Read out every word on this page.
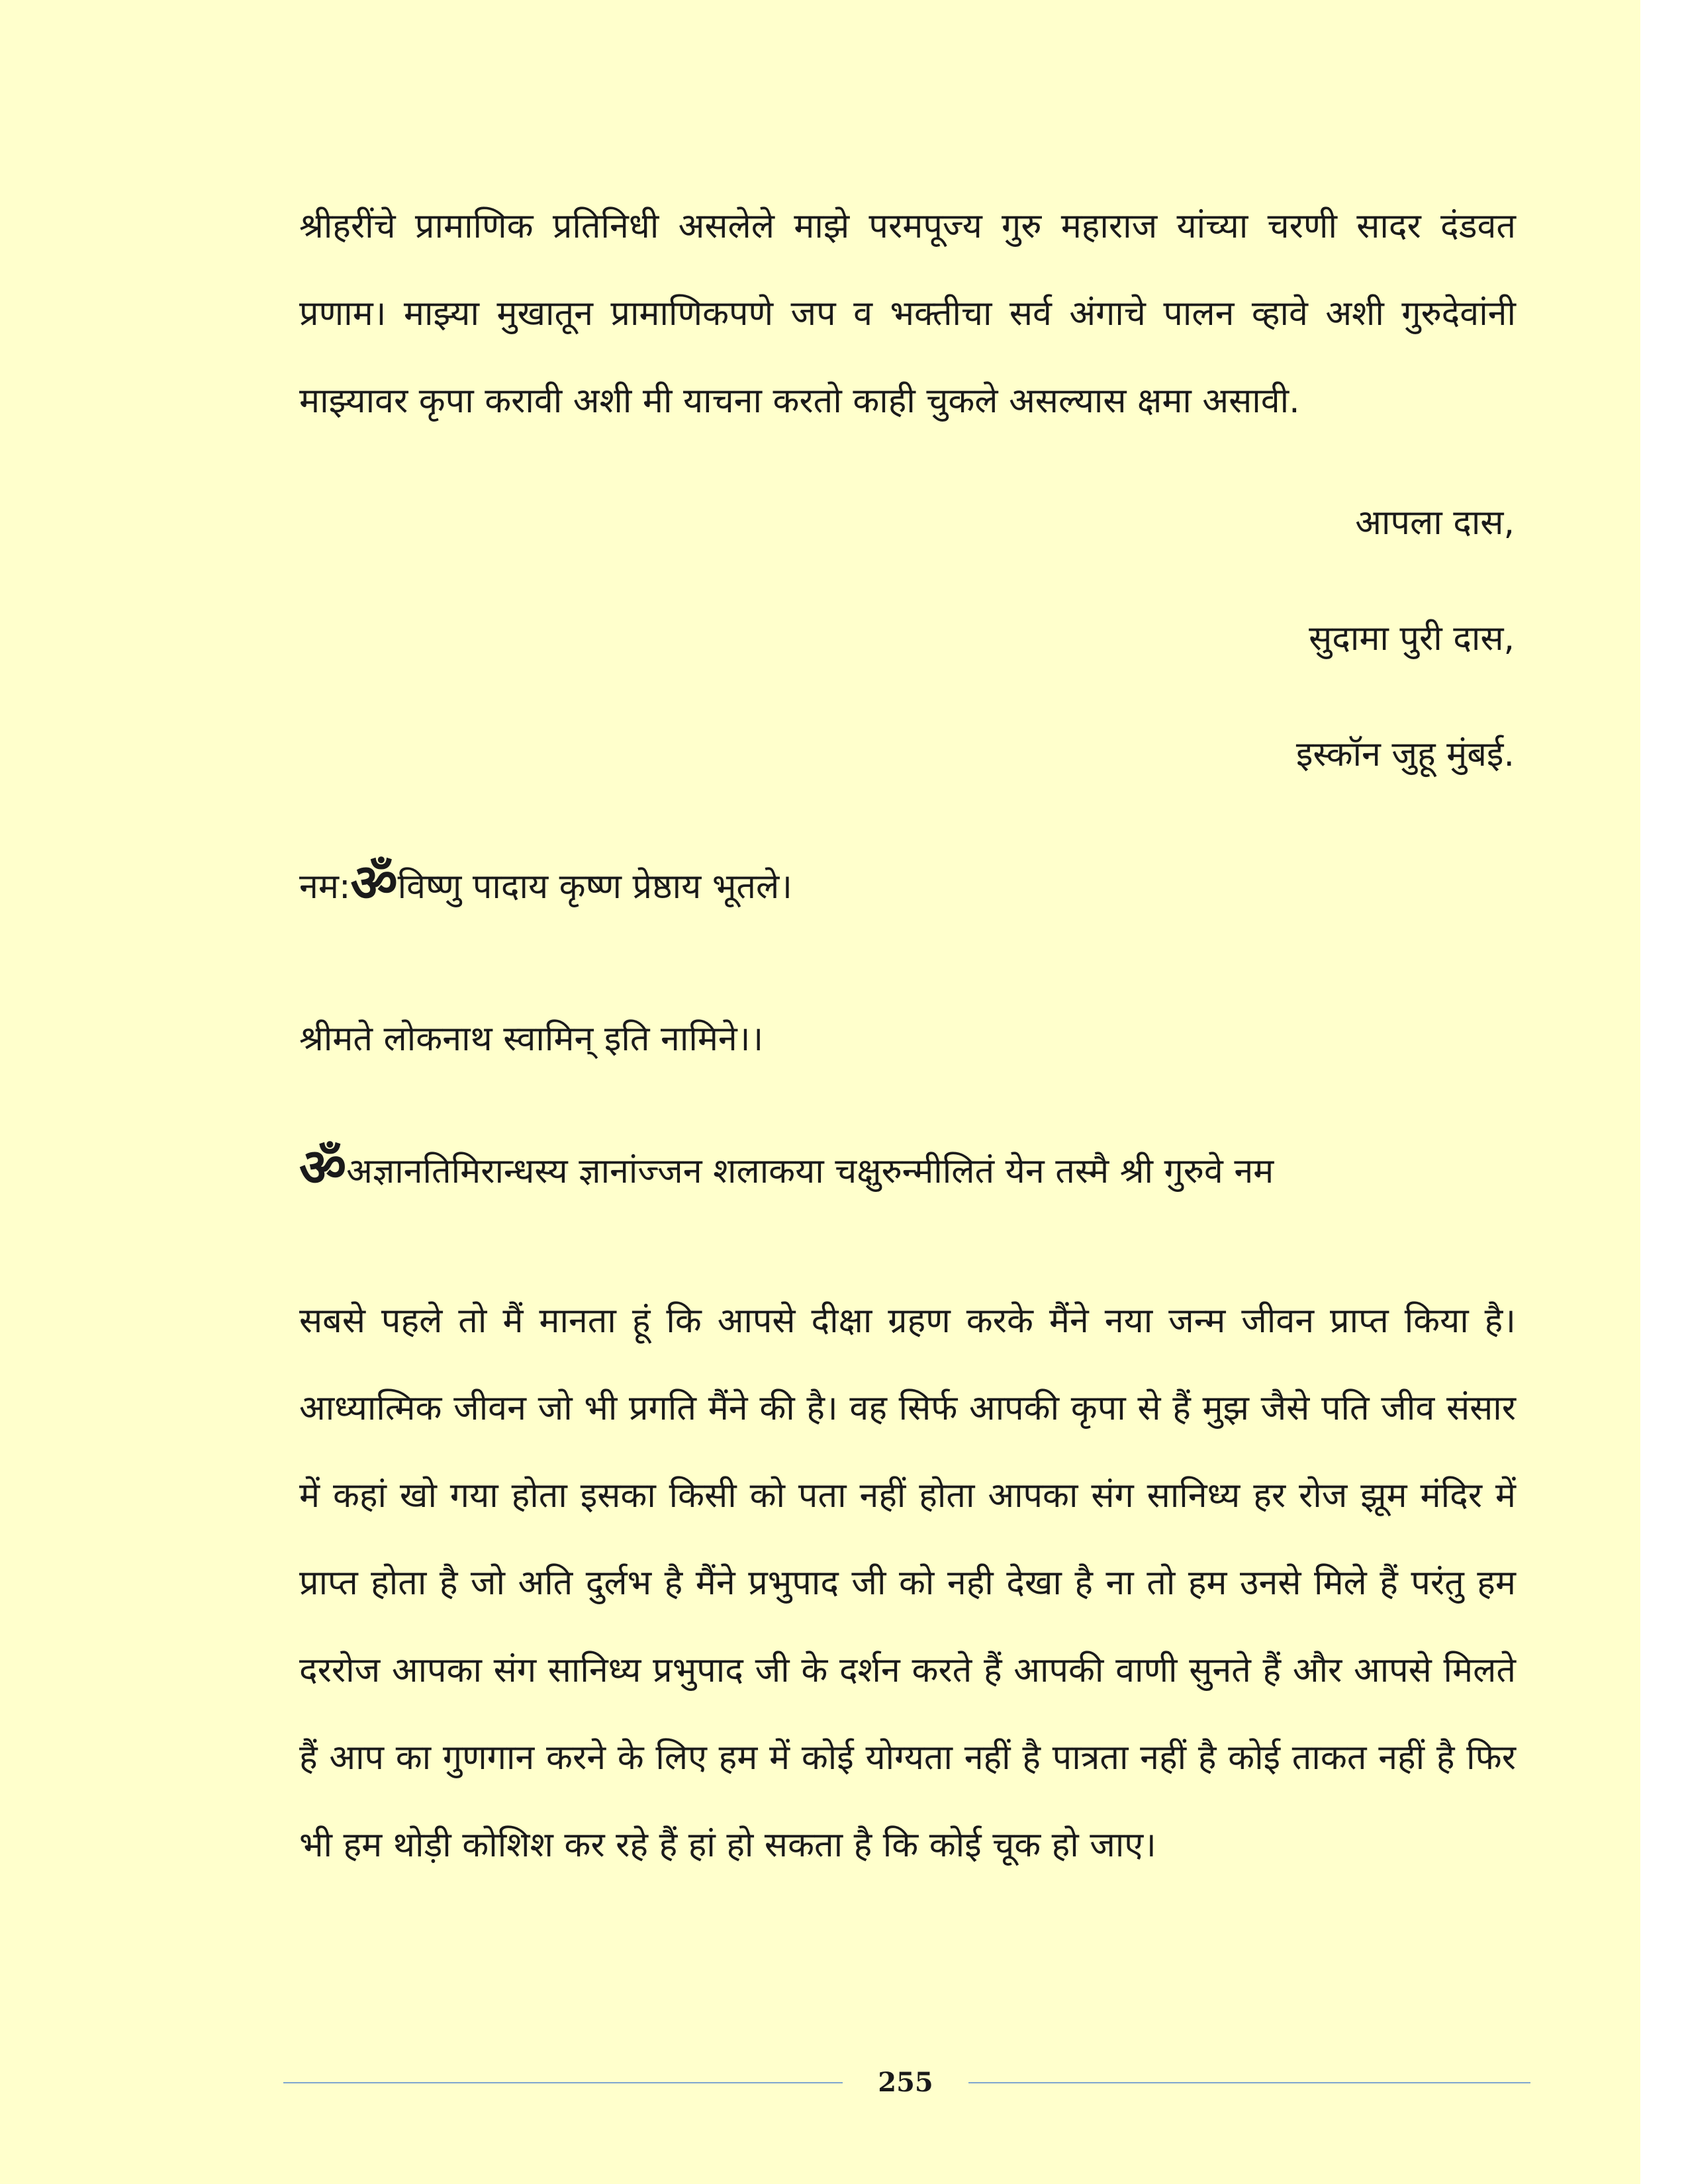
श्रीहरींचे प्रामाणिक प्रतिनिधी असलेले माझे परमपूज्य गुरु महाराज यांच्या चरणी सादर दंडवत प्रणाम। माझ्या मुखातून प्रामाणिकपणे जप व भक्तीचा सर्व अंगाचे पालन व्हावे अशी गुरुदेवांनी माझ्यावर कृपा करावी अशी मी याचना करतो काही चुकले असल्यास क्षमा असावी.

आपला दास,

सुदामा पुरी दास,

इस्कॉन जुहू मुंबई.

नम:ॐविष्णु पादाय कृष्ण प्रेष्ठाय भूतले।

श्रीमते लोकनाथ स्वामिन् इति नामिने।।

ॐअज्ञानतिमिरान्धस्य ज्ञानांज्जन शलाकया चक्षुरुन्मीलितं येन तस्मै श्री गुरुवे नम

सबसे पहले तो मैं मानता हूं कि आपसे दीक्षा ग्रहण करके मैंने नया जन्म जीवन प्राप्त किया है। आध्यात्मिक जीवन जो भी प्रगति मैंने की है। वह सिर्फ आपकी कृपा से हैं मुझ जैसे पति जीव संसार में कहां खो गया होता इसका किसी को पता नहीं होता आपका संग सानिध्य हर रोज झूम मंदिर में प्राप्त होता है जो अति दुर्लभ है मैंने प्रभुपाद जी को नही देखा है ना तो हम उनसे मिले हैं परंतु हम दररोज आपका संग सानिध्य प्रभुपाद जी के दर्शन करते हैं आपकी वाणी सुनते हैं और आपसे मिलते हैं आप का गुणगान करने के लिए हम में कोई योग्यता नहीं है पात्रता नहीं है कोई ताकत नहीं है फिर भी हम थोड़ी कोशिश कर रहे हैं हां हो सकता है कि कोई चूक हो जाए।

255
